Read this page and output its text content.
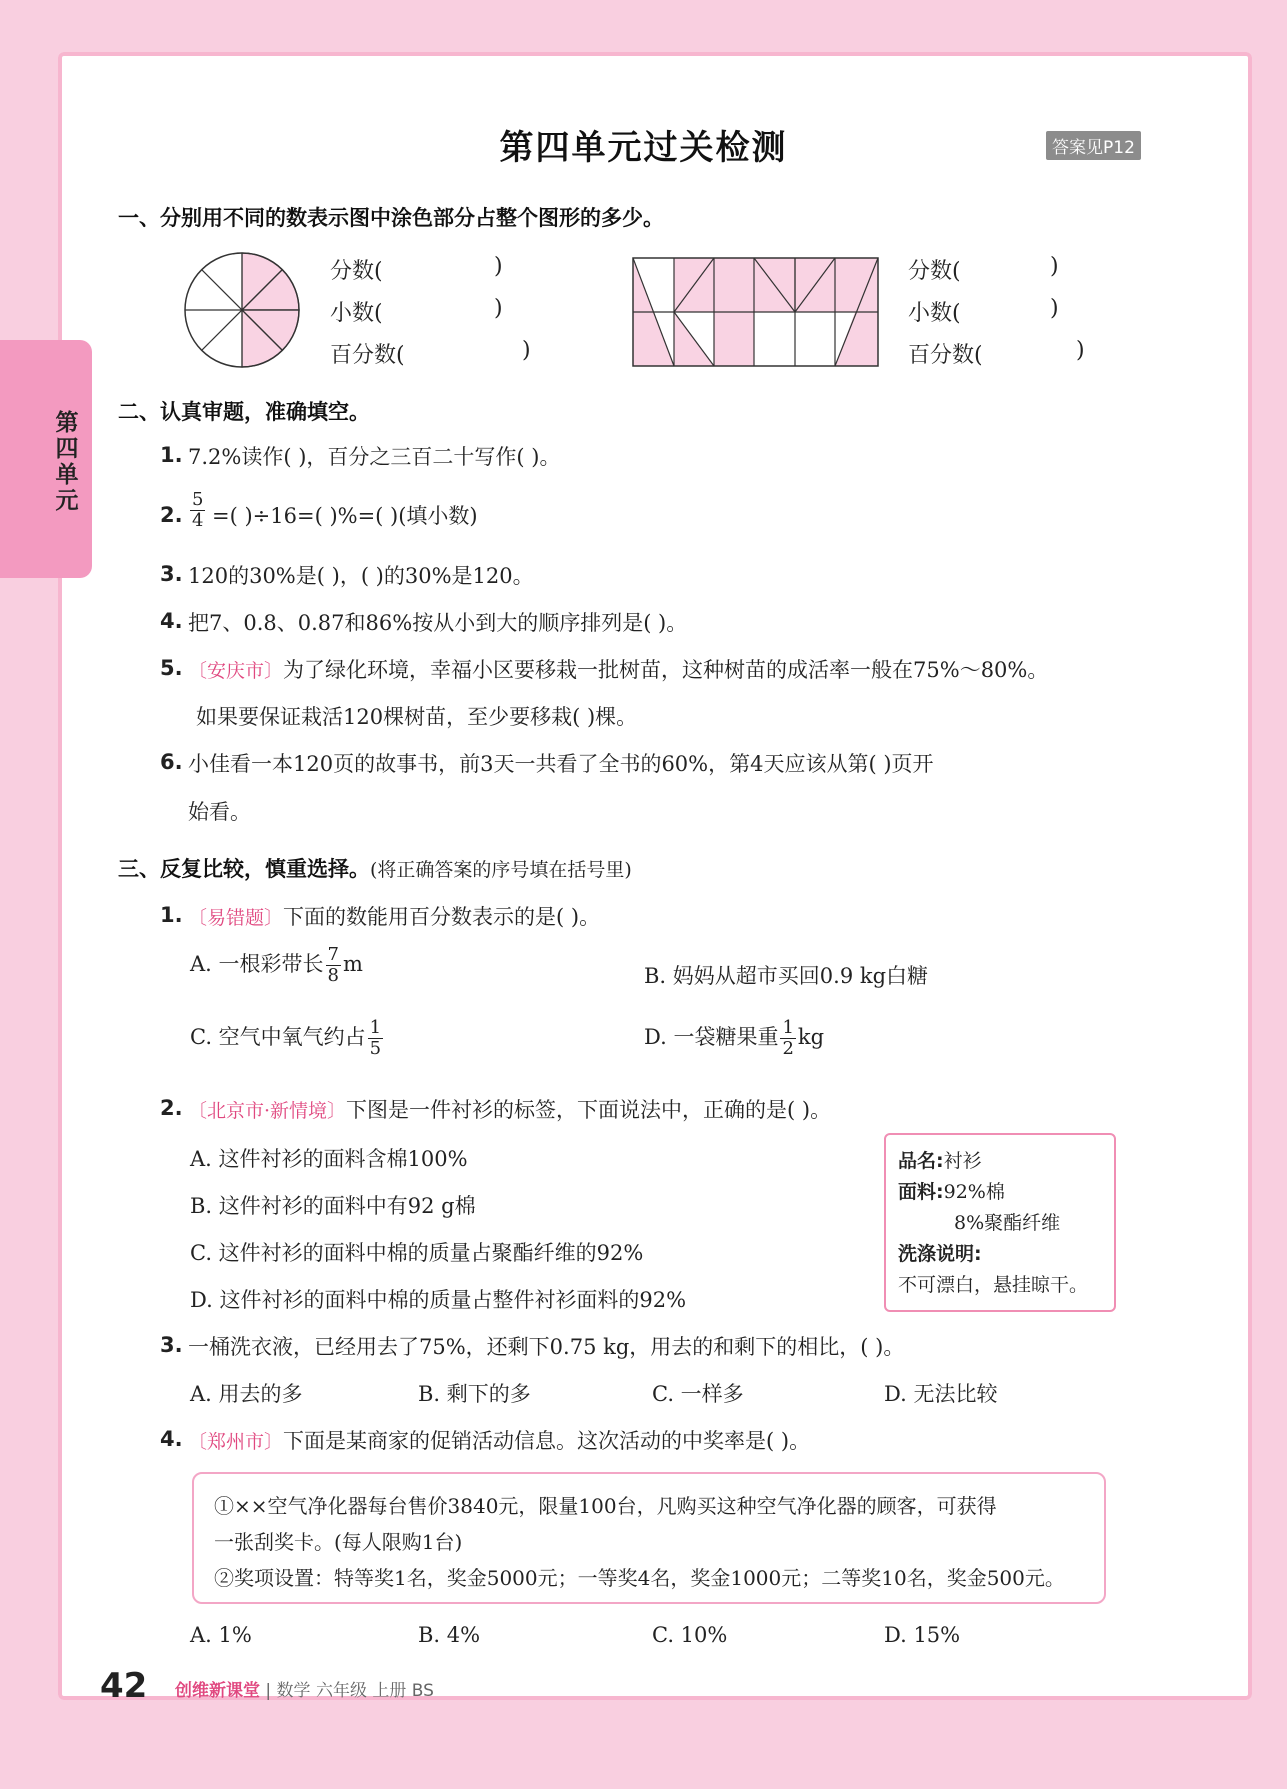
第四单元
第四单元过关检测	答案见P12
一、分别用不同的数表示图中涂色部分占整个图形的多少。
分数(	)
小数(	)
百分数(	)
分数(	)
小数(	)
百分数(	)
二、认真审题，准确填空。
1. 7.2%读作( )，百分之三百二十写作( )。
2. $\frac{5}{4}$ =( )÷16=( )%=( )(填小数)
3. 120的30%是( )，( )的30%是120。
4. 把7、0.8、0.87和86%按从小到大的顺序排列是( )。
5. 〔安庆市〕为了绿化环境，幸福小区要移栽一批树苗，这种树苗的成活率一般在75%～80%。
如果要保证栽活120棵树苗，至少要移栽( )棵。
6. 小佳看一本120页的故事书，前3天一共看了全书的60%，第4天应该从第( )页开
始看。
三、反复比较，慎重选择。(将正确答案的序号填在括号里)
1. 〔易错题〕下面的数能用百分数表示的是( )。
A. 一根彩带长 $\frac{7}{8}$ m	B. 妈妈从超市买回0.9 kg白糖
C. 空气中氧气约占 $\frac{1}{5}$	D. 一袋糖果重 $\frac{1}{2}$ kg
2. 〔北京市·新情境〕下图是一件衬衫的标签，下面说法中，正确的是( )。
A. 这件衬衫的面料含棉100%
B. 这件衬衫的面料中有92 g棉
C. 这件衬衫的面料中棉的质量占聚酯纤维的92%
D. 这件衬衫的面料中棉的质量占整件衬衫面料的92%
品名:衬衫
面料:92%棉
8%聚酯纤维
洗涤说明:
不可漂白，悬挂晾干。
3. 一桶洗衣液，已经用去了75%，还剩下0.75 kg，用去的和剩下的相比，( )。
A. 用去的多	B. 剩下的多	C. 一样多	D. 无法比较
4. 〔郑州市〕下面是某商家的促销活动信息。这次活动的中奖率是( )。
①××空气净化器每台售价3840元，限量100台，凡购买这种空气净化器的顾客，可获得
一张刮奖卡。(每人限购1台)
②奖项设置：特等奖1名，奖金5000元；一等奖4名，奖金1000元；二等奖10名，奖金500元。
A. 1%	B. 4%	C. 10%	D. 15%
42 创维新课堂 | 数学 六年级 上册 BS
